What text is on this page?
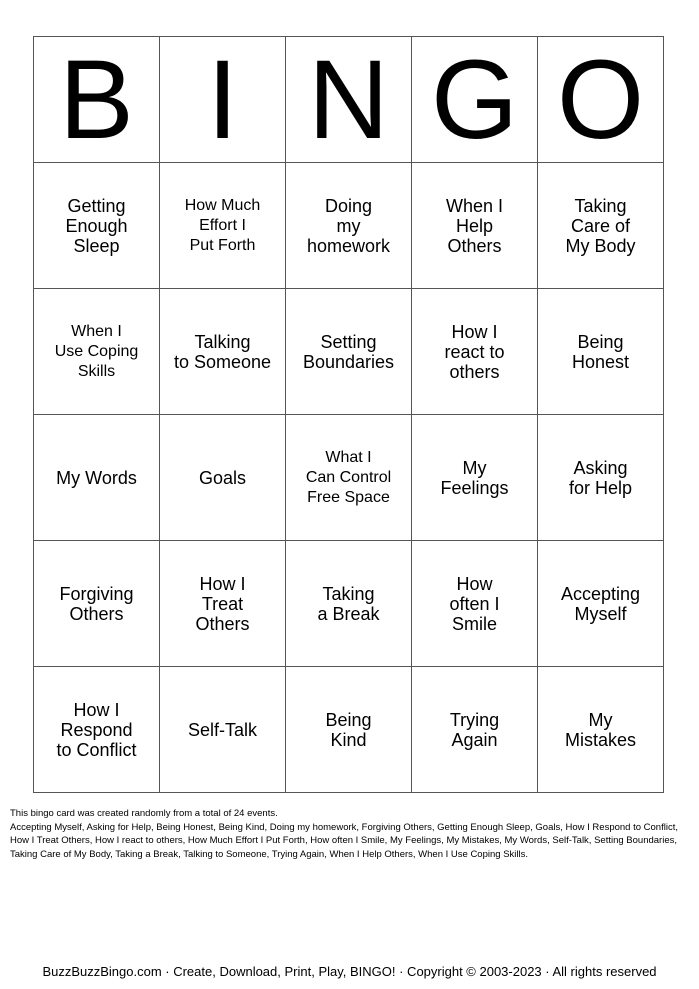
B	I	N	G	O

Getting
Enough
Sleep	How Much
Effort I
Put Forth	Doing
my
homework	When I
Help
Others	Taking
Care of
My Body

When I
Use Coping
Skills	Talking
to Someone	Setting
Boundaries	How I
react to
others	Being
Honest

My Words	Goals	What I
Can Control
Free Space	My
Feelings	Asking
for Help

Forgiving
Others	How I
Treat
Others	Taking
a Break	How
often I
Smile	Accepting
Myself

How I
Respond
to Conflict	Self-Talk	Being
Kind	Trying
Again	My
Mistakes

This bingo card was created randomly from a total of 24 events.

Accepting Myself, Asking for Help, Being Honest, Being Kind, Doing my homework, Forgiving Others, Getting Enough Sleep, Goals, How I Respond to Conflict, How I Treat Others, How I react to others, How Much Effort I Put Forth, How often I Smile, My Feelings, My Mistakes, My Words, Self-Talk, Setting Boundaries, Taking Care of My Body, Taking a Break, Talking to Someone, Trying Again, When I Help Others, When I Use Coping Skills.

BuzzBuzzBingo.com · Create, Download, Print, Play, BINGO! · Copyright © 2003-2023 · All rights reserved
